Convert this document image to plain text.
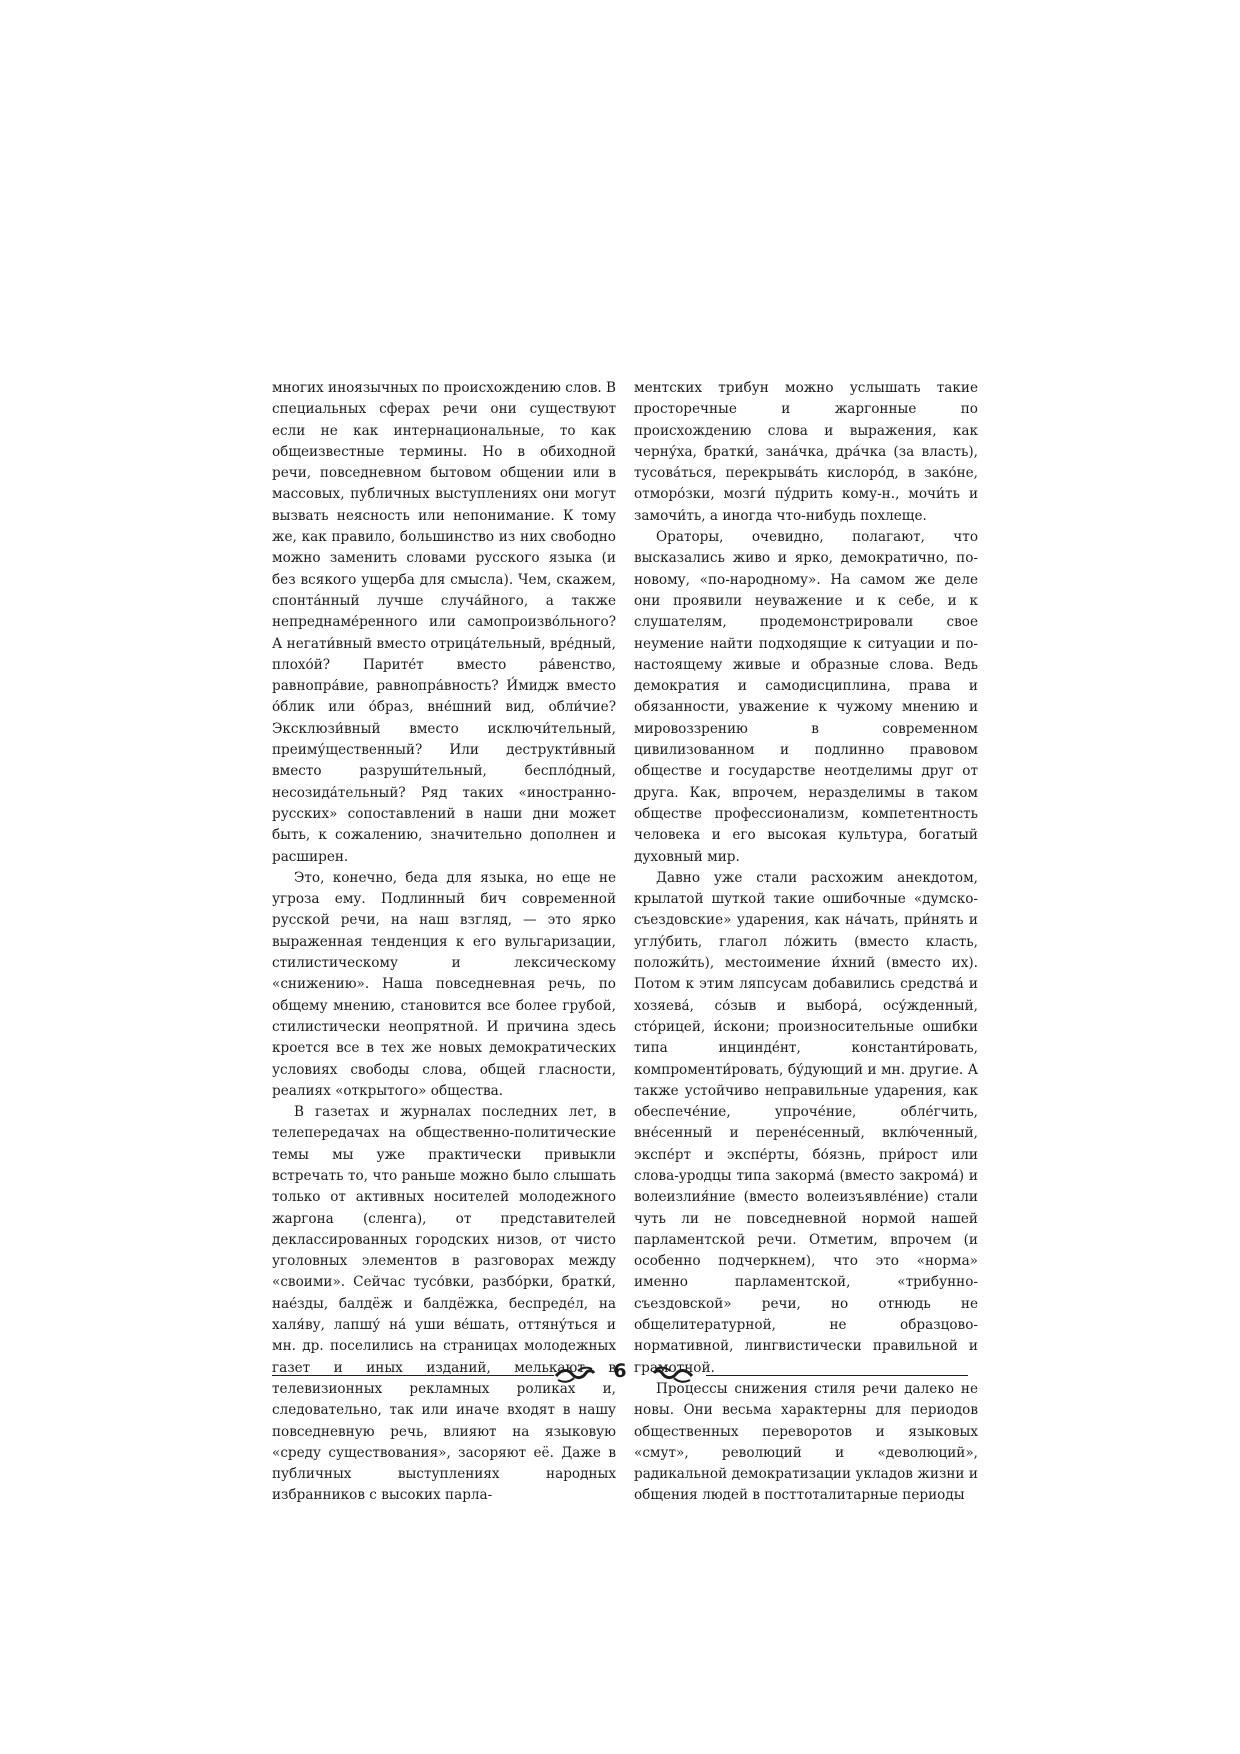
многих иноязычных по происхождению слов. В специальных сферах речи они существуют если не как интернациональные, то как общеизвестные термины. Но в обиходной речи, повседневном бытовом общении или в массовых, публичных выступлениях они могут вызвать неясность или непонимание. К тому же, как правило, большинство из них свободно можно заменить словами русского языка (и без всякого ущерба для смысла). Чем, скажем, спонта́нный лучше случа́йного, а также непреднаме́ренного или самопроизво́льного? А негати́вный вместо отрица́тельный, вре́дный, плохо́й? Парите́т вместо ра́венство, равнопра́вие, равнопра́вность? И́мидж вместо о́блик или о́браз, вне́шний вид, обли́чие? Эксклюзи́вный вместо исключи́тельный, преиму́щественный? Или деструкти́вный вместо разруши́тельный, беспло́дный, несозида́тельный? Ряд таких «иностранно-русских» сопоставлений в наши дни может быть, к сожалению, значительно дополнен и расширен.

Это, конечно, беда для языка, но еще не угроза ему. Подлинный бич современной русской речи, на наш взгляд, — это ярко выраженная тенденция к его вульгаризации, стилистическому и лексическому «снижению». Наша повседневная речь, по общему мнению, становится все более грубой, стилистически неопрятной. И причина здесь кроется все в тех же новых демократических условиях свободы слова, общей гласности, реалиях «открытого» общества.

В газетах и журналах последних лет, в телепередачах на общественно-политические темы мы уже практически привыкли встречать то, что раньше можно было слышать только от активных носителей молодежного жаргона (сленга), от представителей деклассированных городских низов, от чисто уголовных элементов в разговорах между «своими». Сейчас тусо́вки, разбо́рки, братки́, нае́зды, балдёж и балдёжка, беспреде́л, на халя́ву, лапшу́ на́ уши ве́шать, оттяну́ться и мн. др. поселились на страницах молодежных газет и иных изданий, мелькают в телевизионных рекламных роликах и, следовательно, так или иначе входят в нашу повседневную речь, влияют на языковую «среду существования», засоряют её. Даже в публичных выступлениях народных избранников с высоких парла-

ментских трибун можно услышать такие просторечные и жаргонные по происхождению слова и выражения, как черну́ха, братки́, зана́чка, дра́чка (за власть), тусова́ться, перекрыва́ть кислоро́д, в зако́не, отморо́зки, мозги́ пу́дрить кому-н., мочи́ть и замочи́ть, а иногда что-нибудь похлеще.

Ораторы, очевидно, полагают, что высказались живо и ярко, демократично, по-новому, «по-народному». На самом же деле они проявили неуважение и к себе, и к слушателям, продемонстрировали свое неумение найти подходящие к ситуации и по-настоящему живые и образные слова. Ведь демократия и самодисциплина, права и обязанности, уважение к чужому мнению и мировоззрению в современном цивилизованном и подлинно правовом обществе и государстве неотделимы друг от друга. Как, впрочем, неразделимы в таком обществе профессионализм, компетентность человека и его высокая культура, богатый духовный мир.

Давно уже стали расхожим анекдотом, крылатой шуткой такие ошибочные «думско-съездовские» ударения, как на́чать, при́нять и углу́бить, глагол ло́жить (вместо класть, положи́ть), местоимение и́хний (вместо их). Потом к этим ляпсусам добавились средства́ и хозяева́, со́зыв и выбора́, осу́жденный, сто́рицей, и́скони; произносительные ошибки типа инциндéнт, константи́ровать, компроменти́ровать, бу́дующий и мн. другие. А также устойчиво неправильные ударения, как обеспече́ние, упроче́ние, обле́гчить, вне́сенный и перене́сенный, вклю́ченный, экспе́рт и экспе́рты, бо́язнь, при́рост или слова-уродцы типа закорма́ (вместо закрома́) и волеизлия́ние (вместо волеизъявле́ние) стали чуть ли не повседневной нормой нашей парламентской речи. Отметим, впрочем (и особенно подчеркнем), что это «норма» именно парламентской, «трибунно-съездовской» речи, но отнюдь не общелитературной, не образцово-нормативной, лингвистически правильной и грамотной.

Процессы снижения стиля речи далеко не новы. Они весьма характерны для периодов общественных переворотов и языковых «смут», революций и «деволюций», радикальной демократизации укладов жизни и общения людей в посттоталитарные периоды

6
